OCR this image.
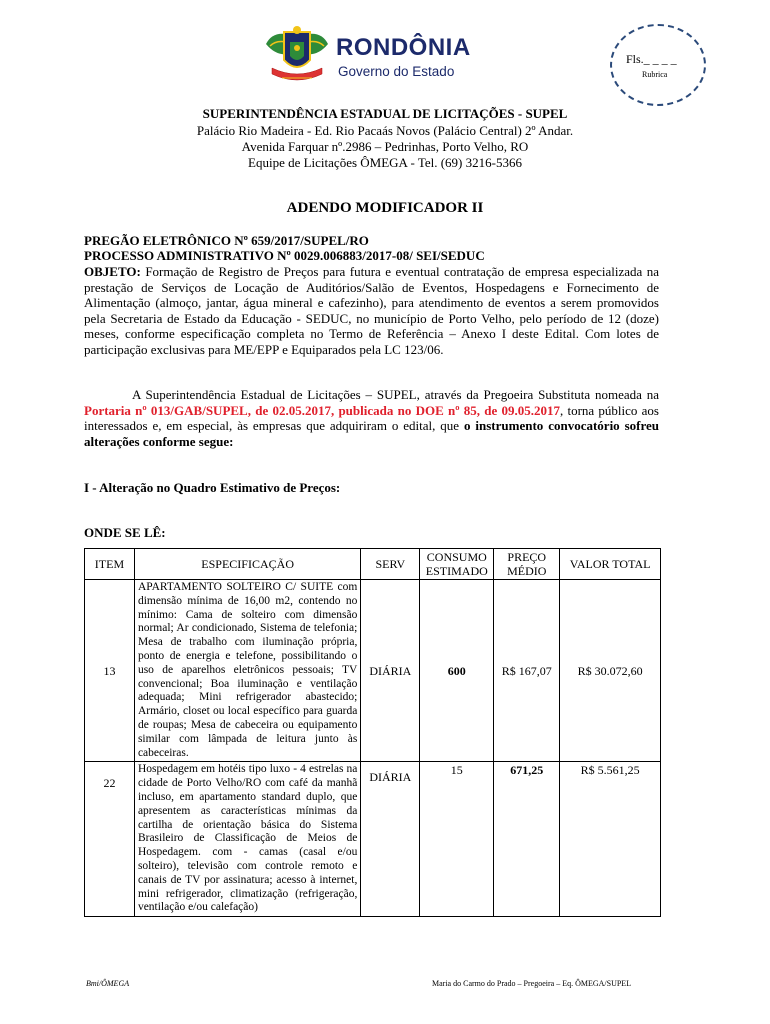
RONDÔNIA
Governo do Estado
Fls._ _ _ _
Rubrica
SUPERINTENDÊNCIA ESTADUAL DE LICITAÇÕES - SUPEL
Palácio Rio Madeira - Ed. Rio Pacaás Novos (Palácio Central) 2º Andar.
Avenida Farquar nº.2986 – Pedrinhas, Porto Velho, RO
Equipe de Licitações ÔMEGA - Tel. (69) 3216-5366
ADENDO MODIFICADOR II
PREGÃO ELETRÔNICO Nº 659/2017/SUPEL/RO
PROCESSO ADMINISTRATIVO Nº 0029.006883/2017-08/ SEI/SEDUC
OBJETO: Formação de Registro de Preços para futura e eventual contratação de empresa especializada na prestação de Serviços de Locação de Auditórios/Salão de Eventos, Hospedagens e Fornecimento de Alimentação (almoço, jantar, água mineral e cafezinho), para atendimento de eventos a serem promovidos pela Secretaria de Estado da Educação - SEDUC, no município de Porto Velho, pelo período de 12 (doze) meses, conforme especificação completa no Termo de Referência – Anexo I deste Edital. Com lotes de participação exclusivas para ME/EPP e Equiparados pela LC 123/06.
A Superintendência Estadual de Licitações – SUPEL, através da Pregoeira Substituta nomeada na Portaria nº 013/GAB/SUPEL, de 02.05.2017, publicada no DOE nº 85, de 09.05.2017, torna público aos interessados e, em especial, às empresas que adquiriram o edital, que o instrumento convocatório sofreu alterações conforme segue:
I - Alteração no Quadro Estimativo de Preços:
ONDE SE LÊ:
ITEM	ESPECIFICAÇÃO	SERV	CONSUMO ESTIMADO	PREÇO MÉDIO	VALOR TOTAL
13	APARTAMENTO SOLTEIRO C/ SUITE com dimensão mínima de 16,00 m2, contendo no mínimo: Cama de solteiro com dimensão normal; Ar condicionado, Sistema de telefonia; Mesa de trabalho com iluminação própria, ponto de energia e telefone, possibilitando o uso de aparelhos eletrônicos pessoais; TV convencional; Boa iluminação e ventilação adequada; Mini refrigerador abastecido; Armário, closet ou local específico para guarda de roupas; Mesa de cabeceira ou equipamento similar com lâmpada de leitura junto às cabeceiras.	DIÁRIA	600	R$ 167,07	R$ 30.072,60
22	Hospedagem em hotéis tipo luxo - 4 estrelas na cidade de Porto Velho/RO com café da manhã incluso, em apartamento standard duplo, que apresentem as características mínimas da cartilha de orientação básica do Sistema Brasileiro de Classificação de Meios de Hospedagem. com - camas (casal e/ou solteiro), televisão com controle remoto e canais de TV por assinatura; acesso à internet, mini refrigerador, climatização (refrigeração, ventilação e/ou calefação)	DIÁRIA	15	671,25	R$ 5.561,25
Bmi/ÔMEGA	Maria do Carmo do Prado – Pregoeira – Eq. ÔMEGA/SUPEL
